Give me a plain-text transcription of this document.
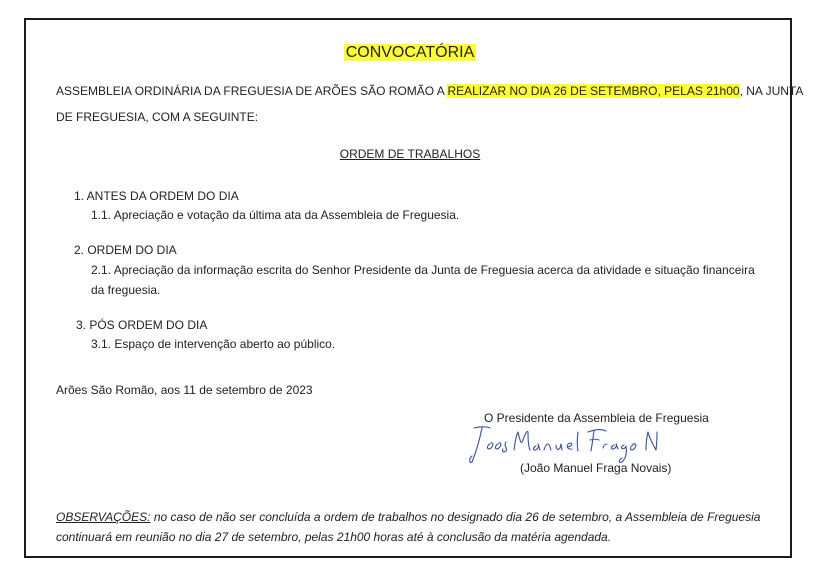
CONVOCATÓRIA
ASSEMBLEIA ORDINÁRIA DA FREGUESIA DE ARÕES SÃO ROMÃO A REALIZAR NO DIA 26 DE SETEMBRO, PELAS 21h00, NA JUNTA
DE FREGUESIA, COM A SEGUINTE:
ORDEM DE TRABALHOS
1. ANTES DA ORDEM DO DIA
1.1. Apreciação e votação da última ata da Assembleia de Freguesia.
2. ORDEM DO DIA
2.1. Apreciação da informação escrita do Senhor Presidente da Junta de Freguesia acerca da atividade e situação financeira
da freguesia.
3. PÓS ORDEM DO DIA
3.1. Espaço de intervenção aberto ao público.
Arões São Romão, aos 11 de setembro de 2023
O Presidente da Assembleia de Freguesia
(João Manuel Fraga Novais)
OBSERVAÇÕES: no caso de não ser concluída a ordem de trabalhos no designado dia 26 de setembro, a Assembleia de Freguesia
continuará em reunião no dia 27 de setembro, pelas 21h00 horas até à conclusão da matéria agendada.
